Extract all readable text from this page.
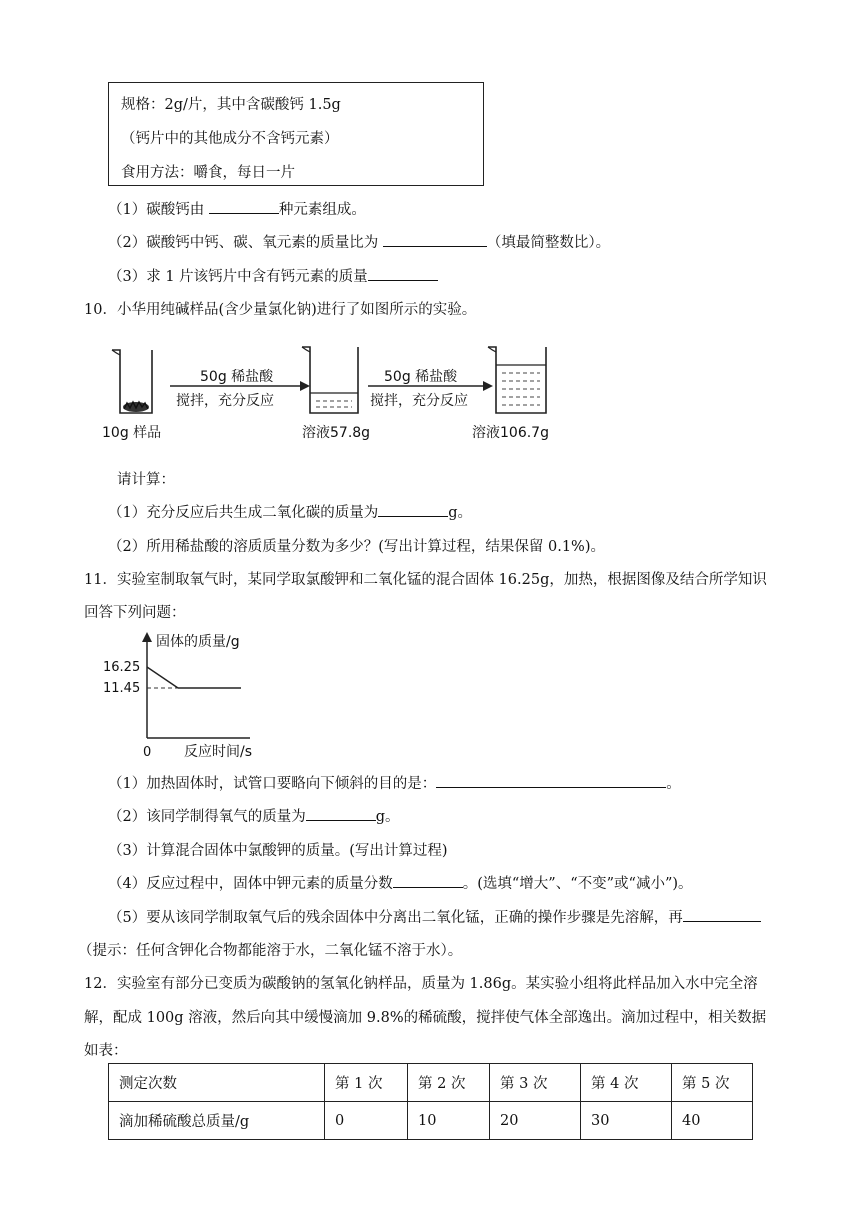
规格：2g/片，其中含碳酸钙 1.5g
（钙片中的其他成分不含钙元素）
食用方法：嚼食，每日一片
（1）碳酸钙由	种元素组成。
（2）碳酸钙中钙、碳、氧元素的质量比为	（填最简整数比）。
（3）求 1 片该钙片中含有钙元素的质量
10．小华用纯碱样品(含少量氯化钠)进行了如图所示的实验。
50g 稀盐酸
搅拌，充分反应
50g 稀盐酸
搅拌，充分反应
10g 样品	溶液57.8g	溶液106.7g
请计算：
（1）充分反应后共生成二氧化碳的质量为	g。
（2）所用稀盐酸的溶质质量分数为多少？(写出计算过程，结果保留 0.1%)。
11．实验室制取氧气时，某同学取氯酸钾和二氧化锰的混合固体 16.25g，加热，根据图像及结合所学知识
回答下列问题：
固体的质量/g
16.25
11.45
0 反应时间/s
（1）加热固体时，试管口要略向下倾斜的目的是：	。
（2）该同学制得氧气的质量为	g。
（3）计算混合固体中氯酸钾的质量。(写出计算过程)
（4）反应过程中，固体中钾元素的质量分数	。(选填“增大”、“不变”或“减小”)。
（5）要从该同学制取氧气后的残余固体中分离出二氧化锰，正确的操作步骤是先溶解，再
（提示：任何含钾化合物都能溶于水，二氧化锰不溶于水）。
12．实验室有部分已变质为碳酸钠的氢氧化钠样品，质量为 1.86g。某实验小组将此样品加入水中完全溶
解，配成 100g 溶液，然后向其中缓慢滴加 9.8%的稀硫酸，搅拌使气体全部逸出。滴加过程中，相关数据
如表：
测定次数	第 1 次	第 2 次	第 3 次	第 4 次	第 5 次
滴加稀硫酸总质量/g	0	10	20	30	40
